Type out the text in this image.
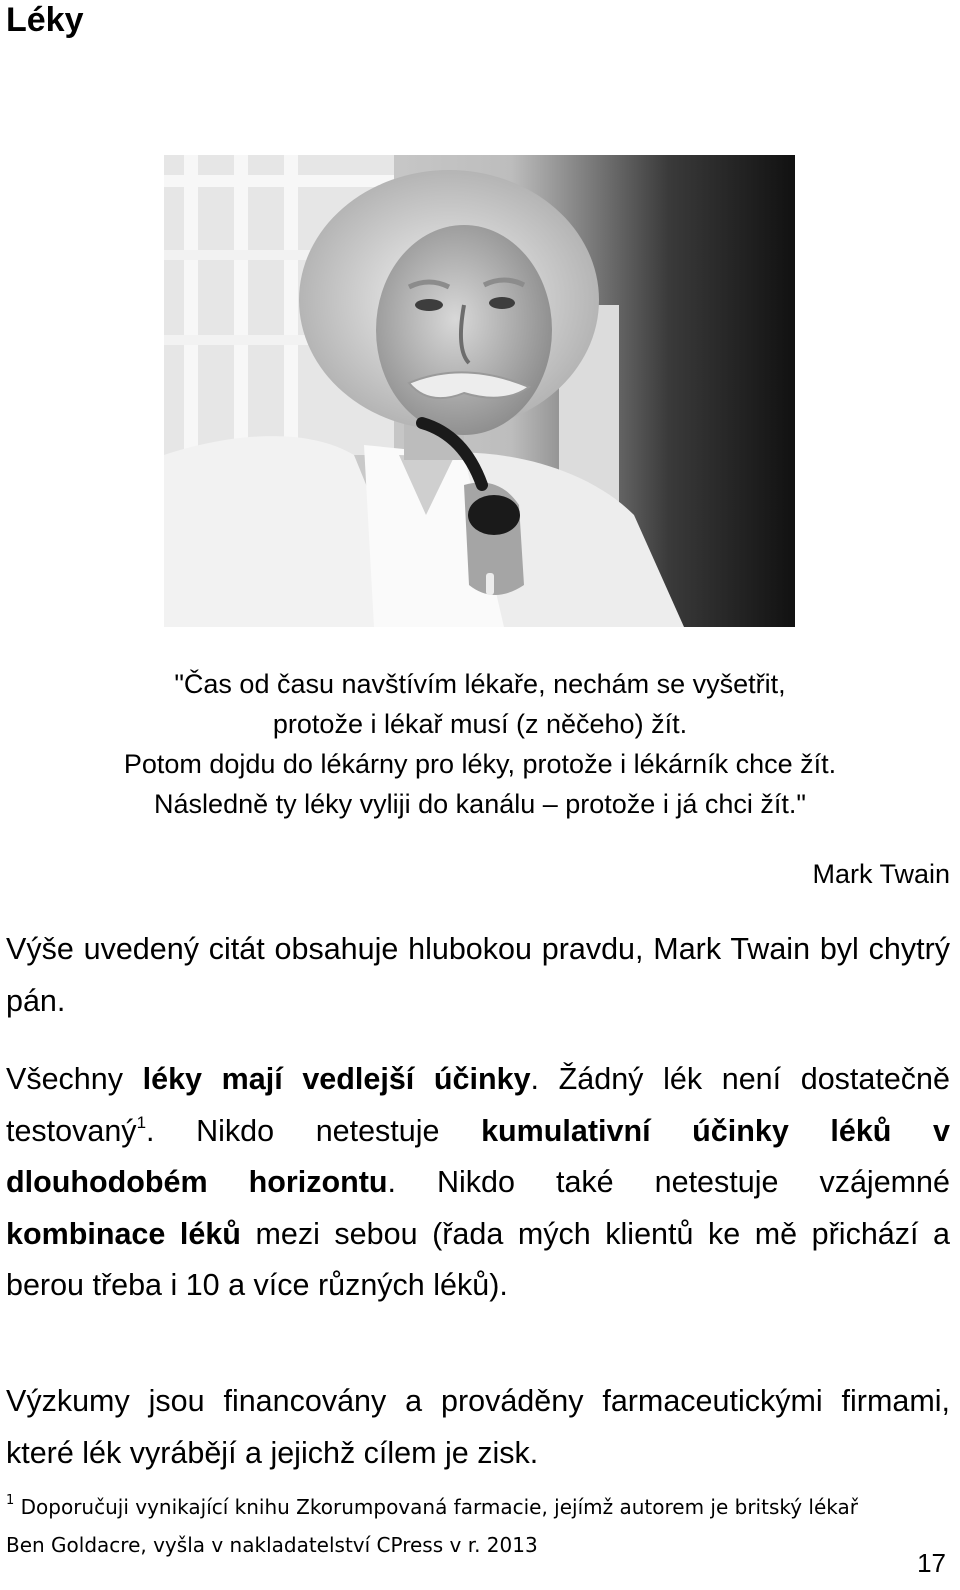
Léky
"Čas od času navštívím lékaře, nechám se vyšetřit,
protože i lékař musí (z něčeho) žít.
Potom dojdu do lékárny pro léky, protože i lékárník chce žít.
Následně ty léky vyliji do kanálu – protože i já chci žít."
Mark Twain

Výše uvedený citát obsahuje hlubokou pravdu, Mark Twain byl chytrý pán.

Všechny léky mají vedlejší účinky. Žádný lék není dostatečně testovaný$^1$. Nikdo netestuje kumulativní účinky léků v dlouhodobém horizontu. Nikdo také netestuje vzájemné kombinace léků mezi sebou (řada mých klientů ke mě přichází a berou třeba i 10 a více různých léků).

Výzkumy jsou financovány a prováděny farmaceutickými firmami, které lék vyrábějí a jejichž cílem je zisk.

$^1$ Doporučuji vynikající knihu Zkorumpovaná farmacie, jejímž autorem je britský lékař Ben Goldacre, vyšla v nakladatelství CPress v r. 2013

17
